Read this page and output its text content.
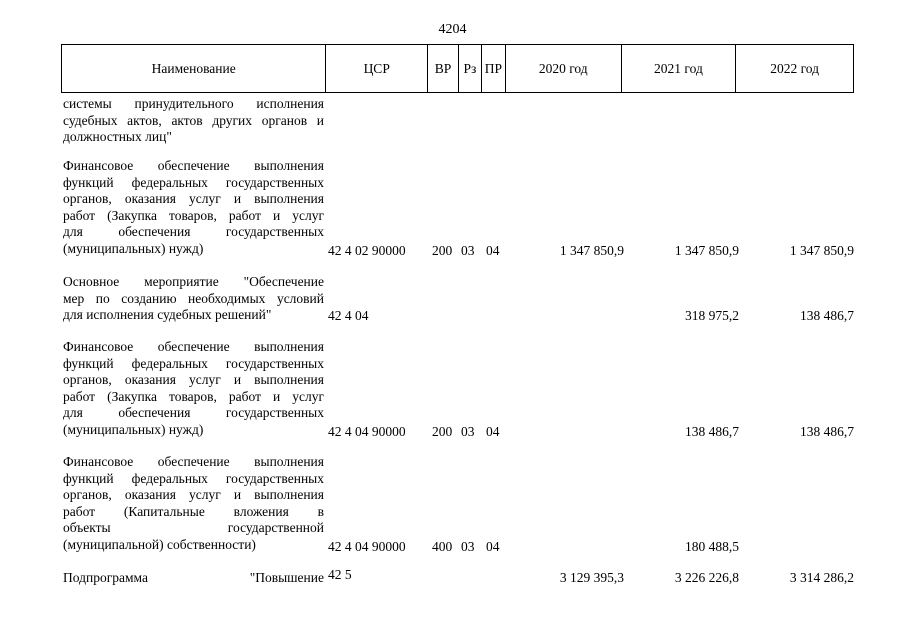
4204
Наименование	ЦСР	ВР Рз ПР	2020 год	2021 год	2022 год
системы принудительного исполнения
судебных актов, актов других органов и
должностных лиц"
Финансовое обеспечение выполнения
функций федеральных государственных
органов, оказания услуг и выполнения
работ (Закупка товаров, работ и услуг
для обеспечения государственных
(муниципальных) нужд)	42 4 02 90000 200 03 04	1 347 850,9	1 347 850,9	1 347 850,9
Основное мероприятие "Обеспечение
мер по созданию необходимых условий
для исполнения судебных решений"	42 4 04	318 975,2	138 486,7
Финансовое обеспечение выполнения
функций федеральных государственных
органов, оказания услуг и выполнения
работ (Закупка товаров, работ и услуг
для обеспечения государственных
(муниципальных) нужд)	42 4 04 90000 200 03 04	138 486,7	138 486,7
Финансовое обеспечение выполнения
функций федеральных государственных
органов, оказания услуг и выполнения
работ (Капитальные вложения в
объекты государственной
(муниципальной) собственности)	42 4 04 90000 400 03 04	180 488,5
Подпрограмма "Повышение 42 5	3 129 395,3	3 226 226,8	3 314 286,2
